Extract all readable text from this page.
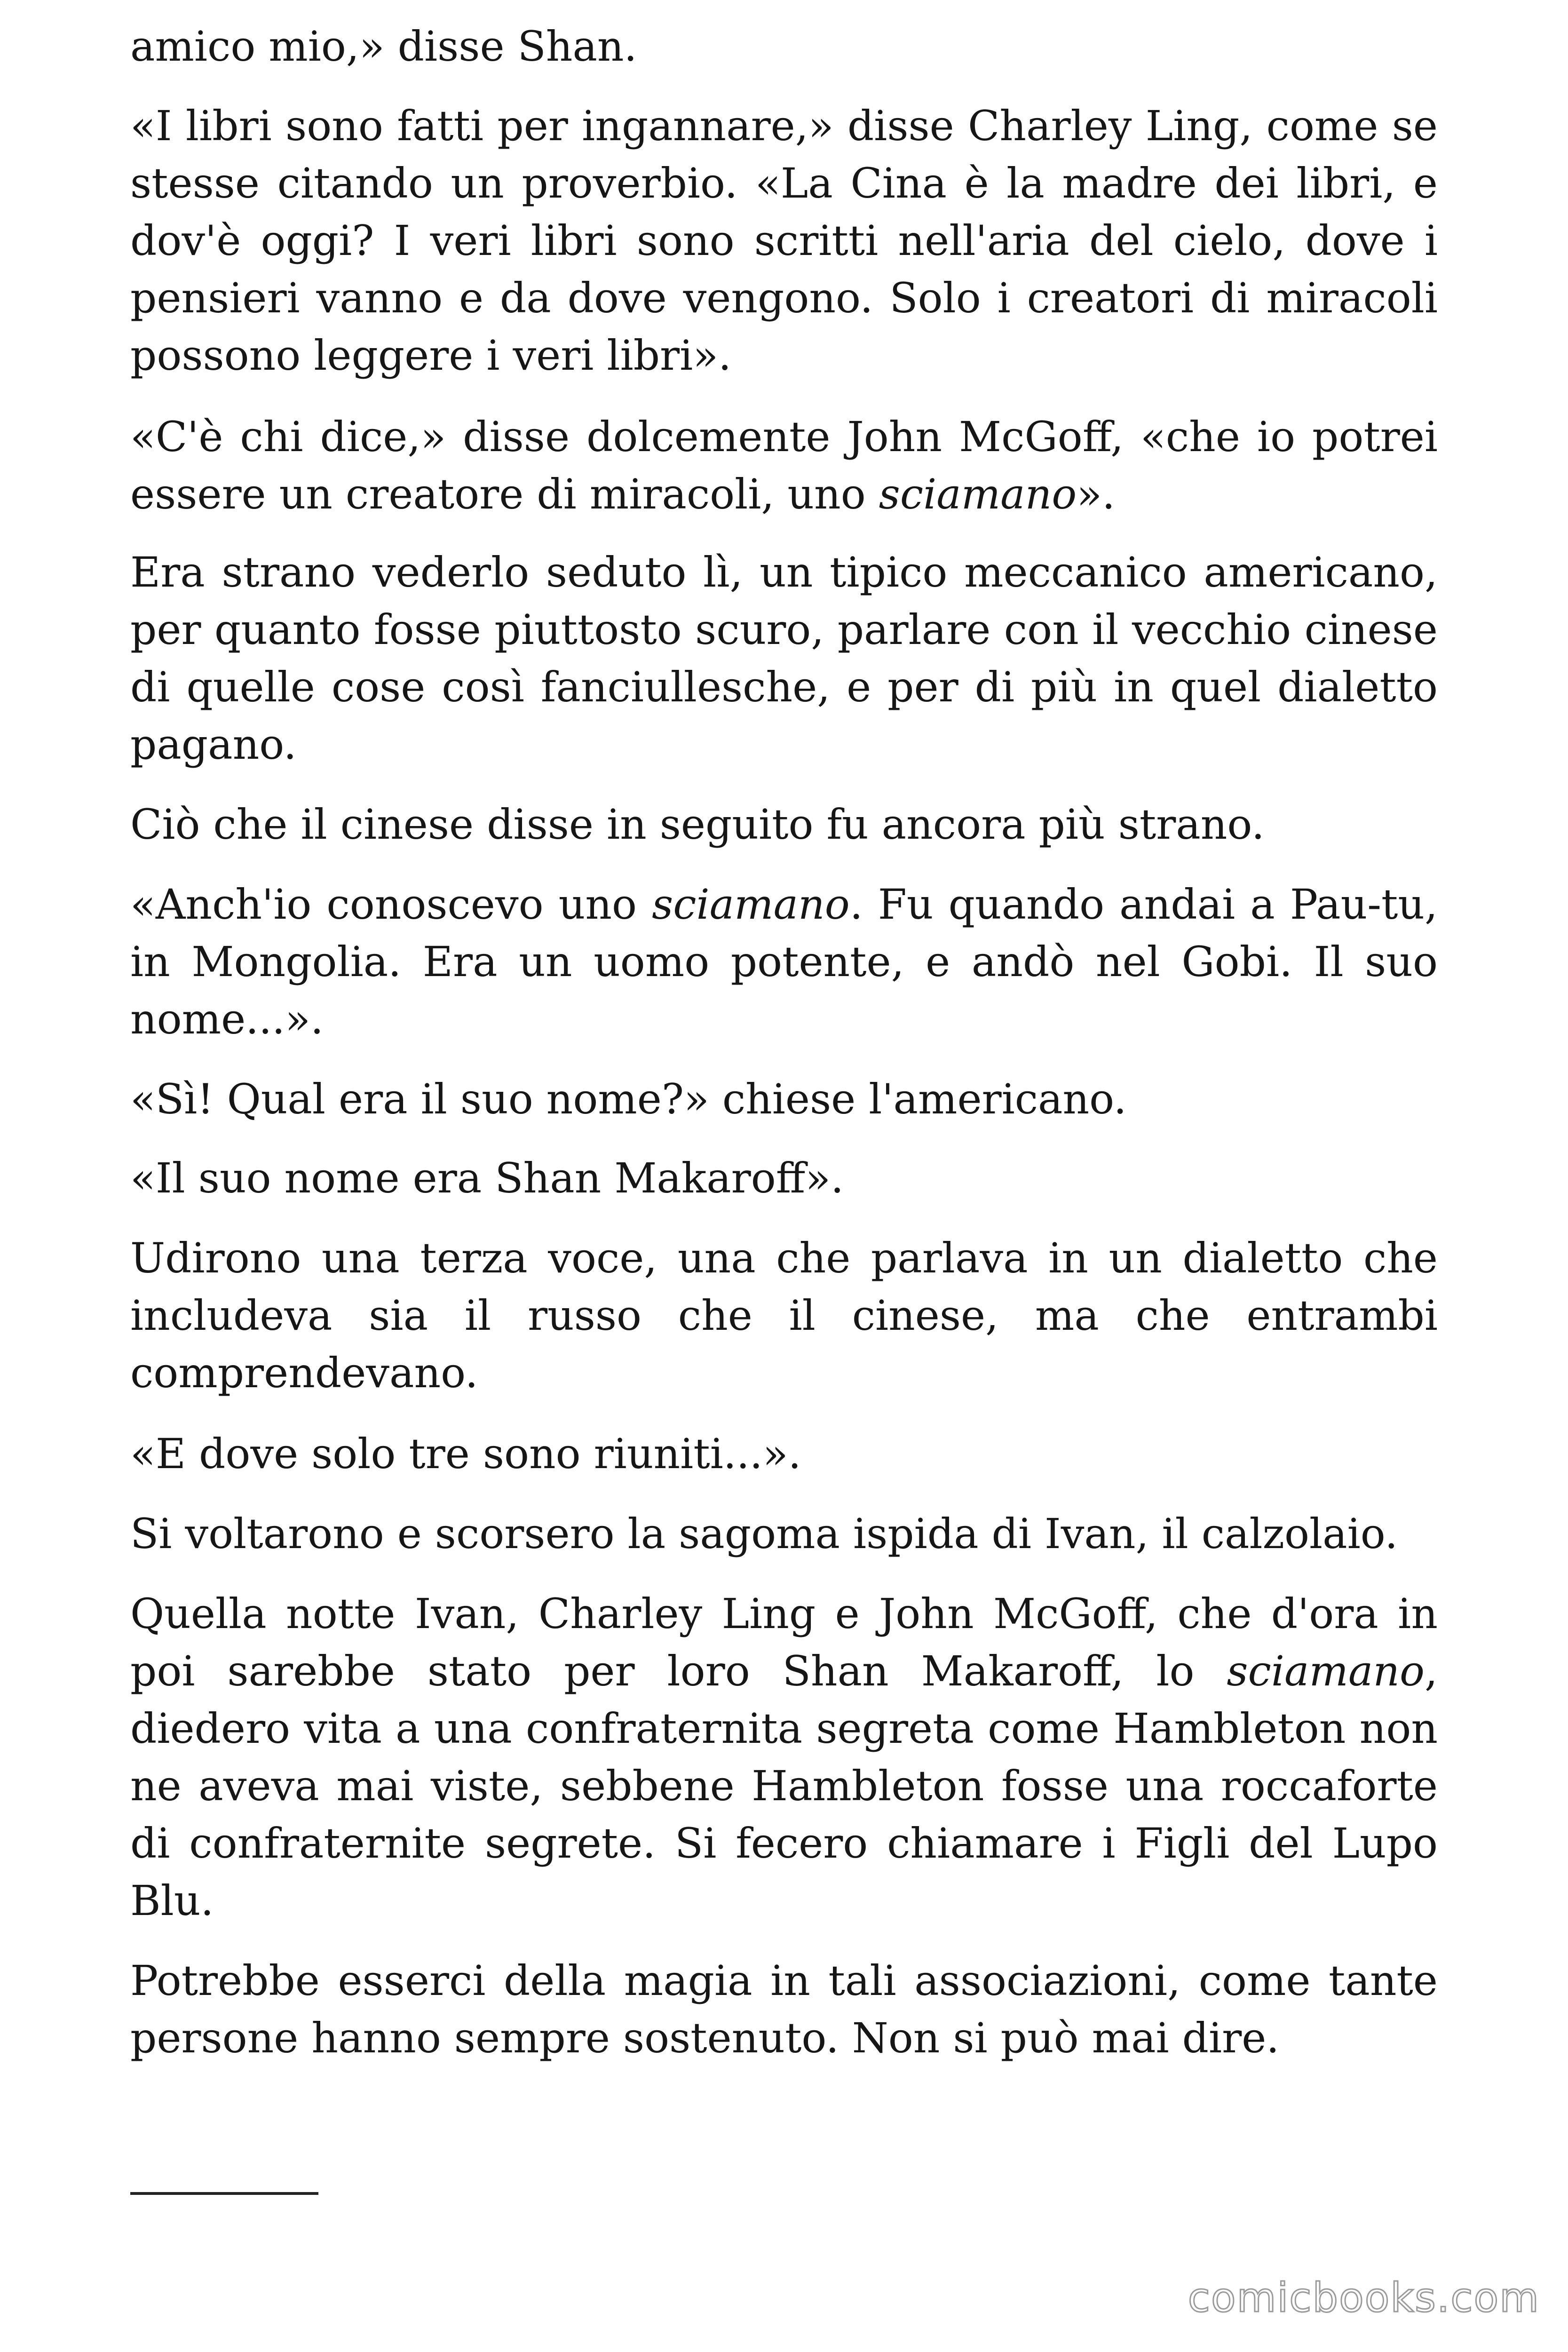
amico mio,» disse Shan.

«I libri sono fatti per ingannare,» disse Charley Ling, come se stesse citando un proverbio. «La Cina è la madre dei libri, e dov'è oggi? I veri libri sono scritti nell'aria del cielo, dove i pensieri vanno e da dove vengono. Solo i creatori di miracoli possono leggere i veri libri».

«C'è chi dice,» disse dolcemente John McGoff, «che io potrei essere un creatore di miracoli, uno sciamano».

Era strano vederlo seduto lì, un tipico meccanico americano, per quanto fosse piuttosto scuro, parlare con il vecchio cinese di quelle cose così fanciullesche, e per di più in quel dialetto pagano.

Ciò che il cinese disse in seguito fu ancora più strano.

«Anch'io conoscevo uno sciamano. Fu quando andai a Pau-tu, in Mongolia. Era un uomo potente, e andò nel Gobi. Il suo nome...».

«Sì! Qual era il suo nome?» chiese l'americano.

«Il suo nome era Shan Makaroff».

Udirono una terza voce, una che parlava in un dialetto che includeva sia il russo che il cinese, ma che entrambi comprendevano.

«E dove solo tre sono riuniti...».

Si voltarono e scorsero la sagoma ispida di Ivan, il calzolaio.

Quella notte Ivan, Charley Ling e John McGoff, che d'ora in poi sarebbe stato per loro Shan Makaroff, lo sciamano, diedero vita a una confraternita segreta come Hambleton non ne aveva mai viste, sebbene Hambleton fosse una roccaforte di confraternite segrete. Si fecero chiamare i Figli del Lupo Blu.

Potrebbe esserci della magia in tali associazioni, come tante persone hanno sempre sostenuto. Non si può mai dire.

comicbooks.com
